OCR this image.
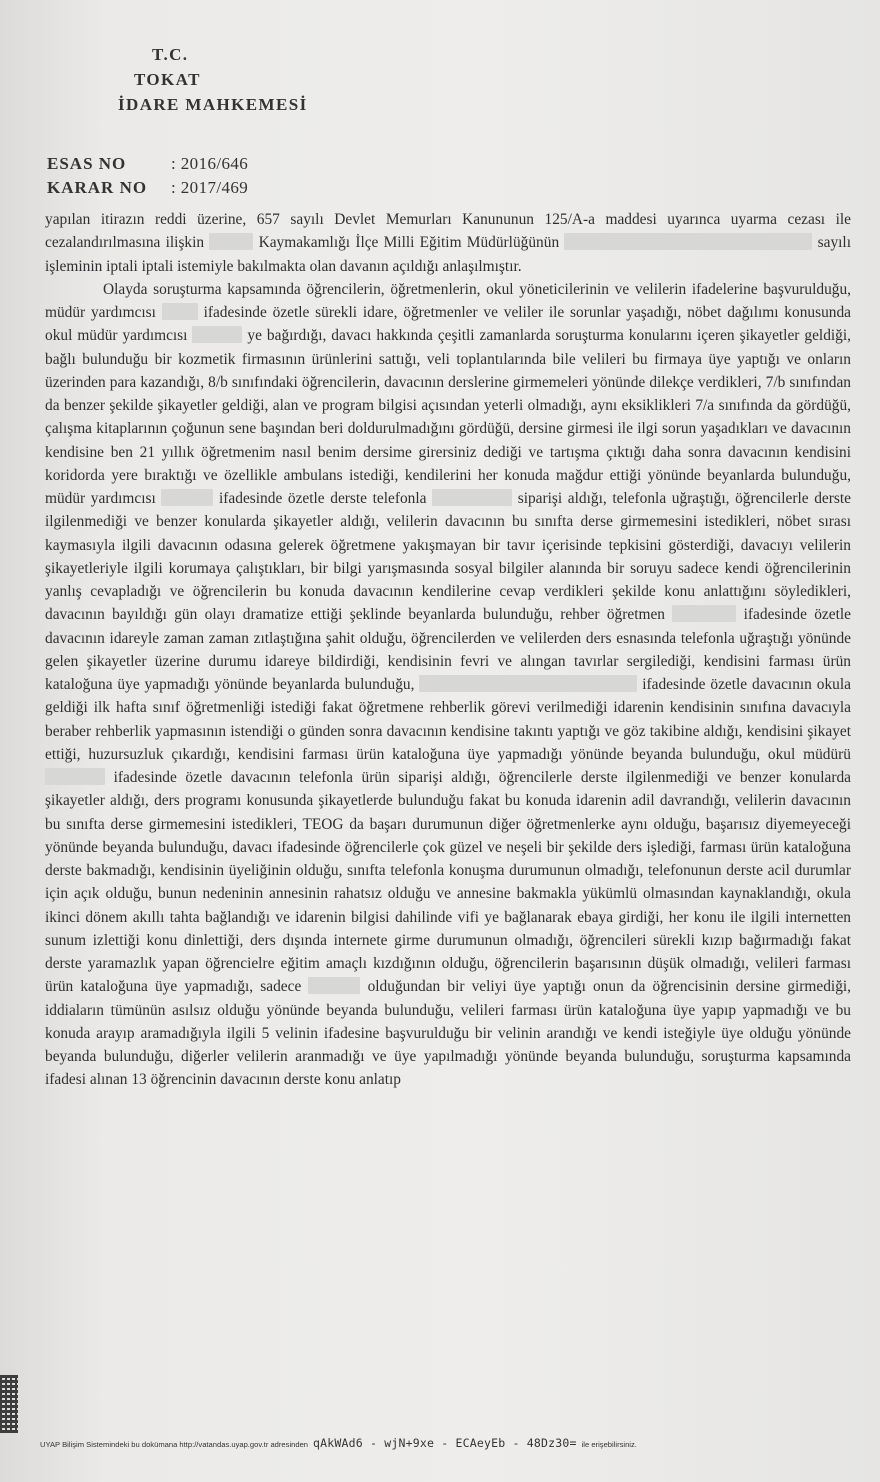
T.C.
TOKAT
İDARE MAHKEMESİ
ESAS NO	: 2016/646
KARAR NO	: 2017/469

yapılan itirazın reddi üzerine, 657 sayılı Devlet Memurları Kanununun 125/A-a maddesi uyarınca uyarma cezası ile cezalandırılmasına ilişkin	Kaymakamlığı İlçe Milli Eğitim Müdürlüğünün	sayılı işleminin iptali iptali istemiyle bakılmakta olan davanın açıldığı anlaşılmıştır.

Olayda soruşturma kapsamında öğrencilerin, öğretmenlerin, okul yöneticilerinin ve velilerin ifadelerine başvurulduğu, müdür yardımcısı	ifadesinde özetle sürekli idare, öğretmenler ve veliler ile sorunlar yaşadığı, nöbet dağılımı konusunda okul müdür yardımcısı	ye bağırdığı, davacı hakkında çeşitli zamanlarda soruşturma konularını içeren şikayetler geldiği, bağlı bulunduğu bir kozmetik firmasının ürünlerini sattığı, veli toplantılarında bile velileri bu firmaya üye yaptığı ve onların üzerinden para kazandığı, 8/b sınıfındaki öğrencilerin, davacının derslerine girmemeleri yönünde dilekçe verdikleri, 7/b sınıfından da benzer şekilde şikayetler geldiği, alan ve program bilgisi açısından yeterli olmadığı, aynı eksiklikleri 7/a sınıfında da gördüğü, çalışma kitaplarının çoğunun sene başından beri doldurulmadığını gördüğü, dersine girmesi ile ilgi sorun yaşadıkları ve davacının kendisine ben 21 yıllık öğretmenim nasıl benim dersime girersiniz dediği ve tartışma çıktığı daha sonra davacının kendisini koridorda yere bıraktığı ve özellikle ambulans istediği, kendilerini her konuda mağdur ettiği yönünde beyanlarda bulunduğu, müdür yardımcısı	ifadesinde özetle derste telefonla	siparişi aldığı, telefonla uğraştığı, öğrencilerle derste ilgilenmediği ve benzer konularda şikayetler aldığı, velilerin davacının bu sınıfta derse girmemesini istedikleri, nöbet sırası kaymasıyla ilgili davacının odasına gelerek öğretmene yakışmayan bir tavır içerisinde tepkisini gösterdiği, davacıyı velilerin şikayetleriyle ilgili korumaya çalıştıkları, bir bilgi yarışmasında sosyal bilgiler alanında bir soruyu sadece kendi öğrencilerinin yanlış cevapladığı ve öğrencilerin bu konuda davacının kendilerine cevap verdikleri şekilde konu anlattığını söyledikleri, davacının bayıldığı gün olayı dramatize ettiği şeklinde beyanlarda bulunduğu, rehber öğretmen	ifadesinde özetle davacının idareyle zaman zaman zıtlaştığına şahit olduğu, öğrencilerden ve velilerden ders esnasında telefonla uğraştığı yönünde gelen şikayetler üzerine durumu idareye bildirdiği, kendisinin fevri ve alıngan tavırlar sergilediği, kendisini farması ürün kataloğuna üye yapmadığı yönünde beyanlarda bulunduğu,	ifadesinde özetle davacının okula geldiği ilk hafta sınıf öğretmenliği istediği fakat öğretmene rehberlik görevi verilmediği idarenin kendisinin sınıfına davacıyla beraber rehberlik yapmasının istendiği o günden sonra davacının kendisine takıntı yaptığı ve göz takibine aldığı, kendisini şikayet ettiği, huzursuzluk çıkardığı, kendisini farması ürün kataloğuna üye yapmadığı yönünde beyanda bulunduğu, okul müdürü  ifadesinde özetle davacının telefonla ürün siparişi aldığı, öğrencilerle derste ilgilenmediği ve benzer konularda şikayetler aldığı, ders programı konusunda şikayetlerde bulunduğu fakat bu konuda idarenin adil davrandığı, velilerin davacının bu sınıfta derse girmemesini istedikleri, TEOG da başarı durumunun diğer öğretmenlerke aynı olduğu, başarısız diyemeyeceği yönünde beyanda bulunduğu, davacı ifadesinde öğrencilerle çok güzel ve neşeli bir şekilde ders işlediği, farması ürün kataloğuna derste bakmadığı, kendisinin üyeliğinin olduğu, sınıfta telefonla konuşma durumunun olmadığı, telefonunun derste acil durumlar için açık olduğu, bunun nedeninin annesinin rahatsız olduğu ve annesine bakmakla yükümlü olmasından kaynaklandığı, okula ikinci dönem akıllı tahta bağlandığı ve idarenin bilgisi dahilinde vifi ye bağlanarak ebaya girdiği, her konu ile ilgili internetten sunum izlettiği konu dinlettiği, ders dışında internete girme durumunun olmadığı, öğrencileri sürekli kızıp bağırmadığı fakat derste yaramazlık yapan öğrencielre eğitim amaçlı kızdığının olduğu, öğrencilerin başarısının düşük olmadığı, velileri farması ürün kataloğuna üye yapmadığı, sadece	olduğundan bir veliyi üye yaptığı onun da öğrencisinin dersine girmediği, iddiaların tümünün asılsız olduğu yönünde beyanda bulunduğu, velileri farması ürün kataloğuna üye yapıp yapmadığı ve bu konuda arayıp aramadığıyla ilgili 5 velinin ifadesine başvurulduğu bir velinin arandığı ve kendi isteğiyle üye olduğu yönünde beyanda bulunduğu, diğerler velilerin aranmadığı ve üye yapılmadığı yönünde beyanda bulunduğu, soruşturma kapsamında ifadesi alınan 13 öğrencinin davacının derste konu anlatıp

UYAP Bilişim Sistemindeki bu dokümana http://vatandas.uyap.gov.tr adresinden qAkWAd6 - wjN+9xe - ECAeyEb - 48Dz30= ile erişebilirsiniz.
